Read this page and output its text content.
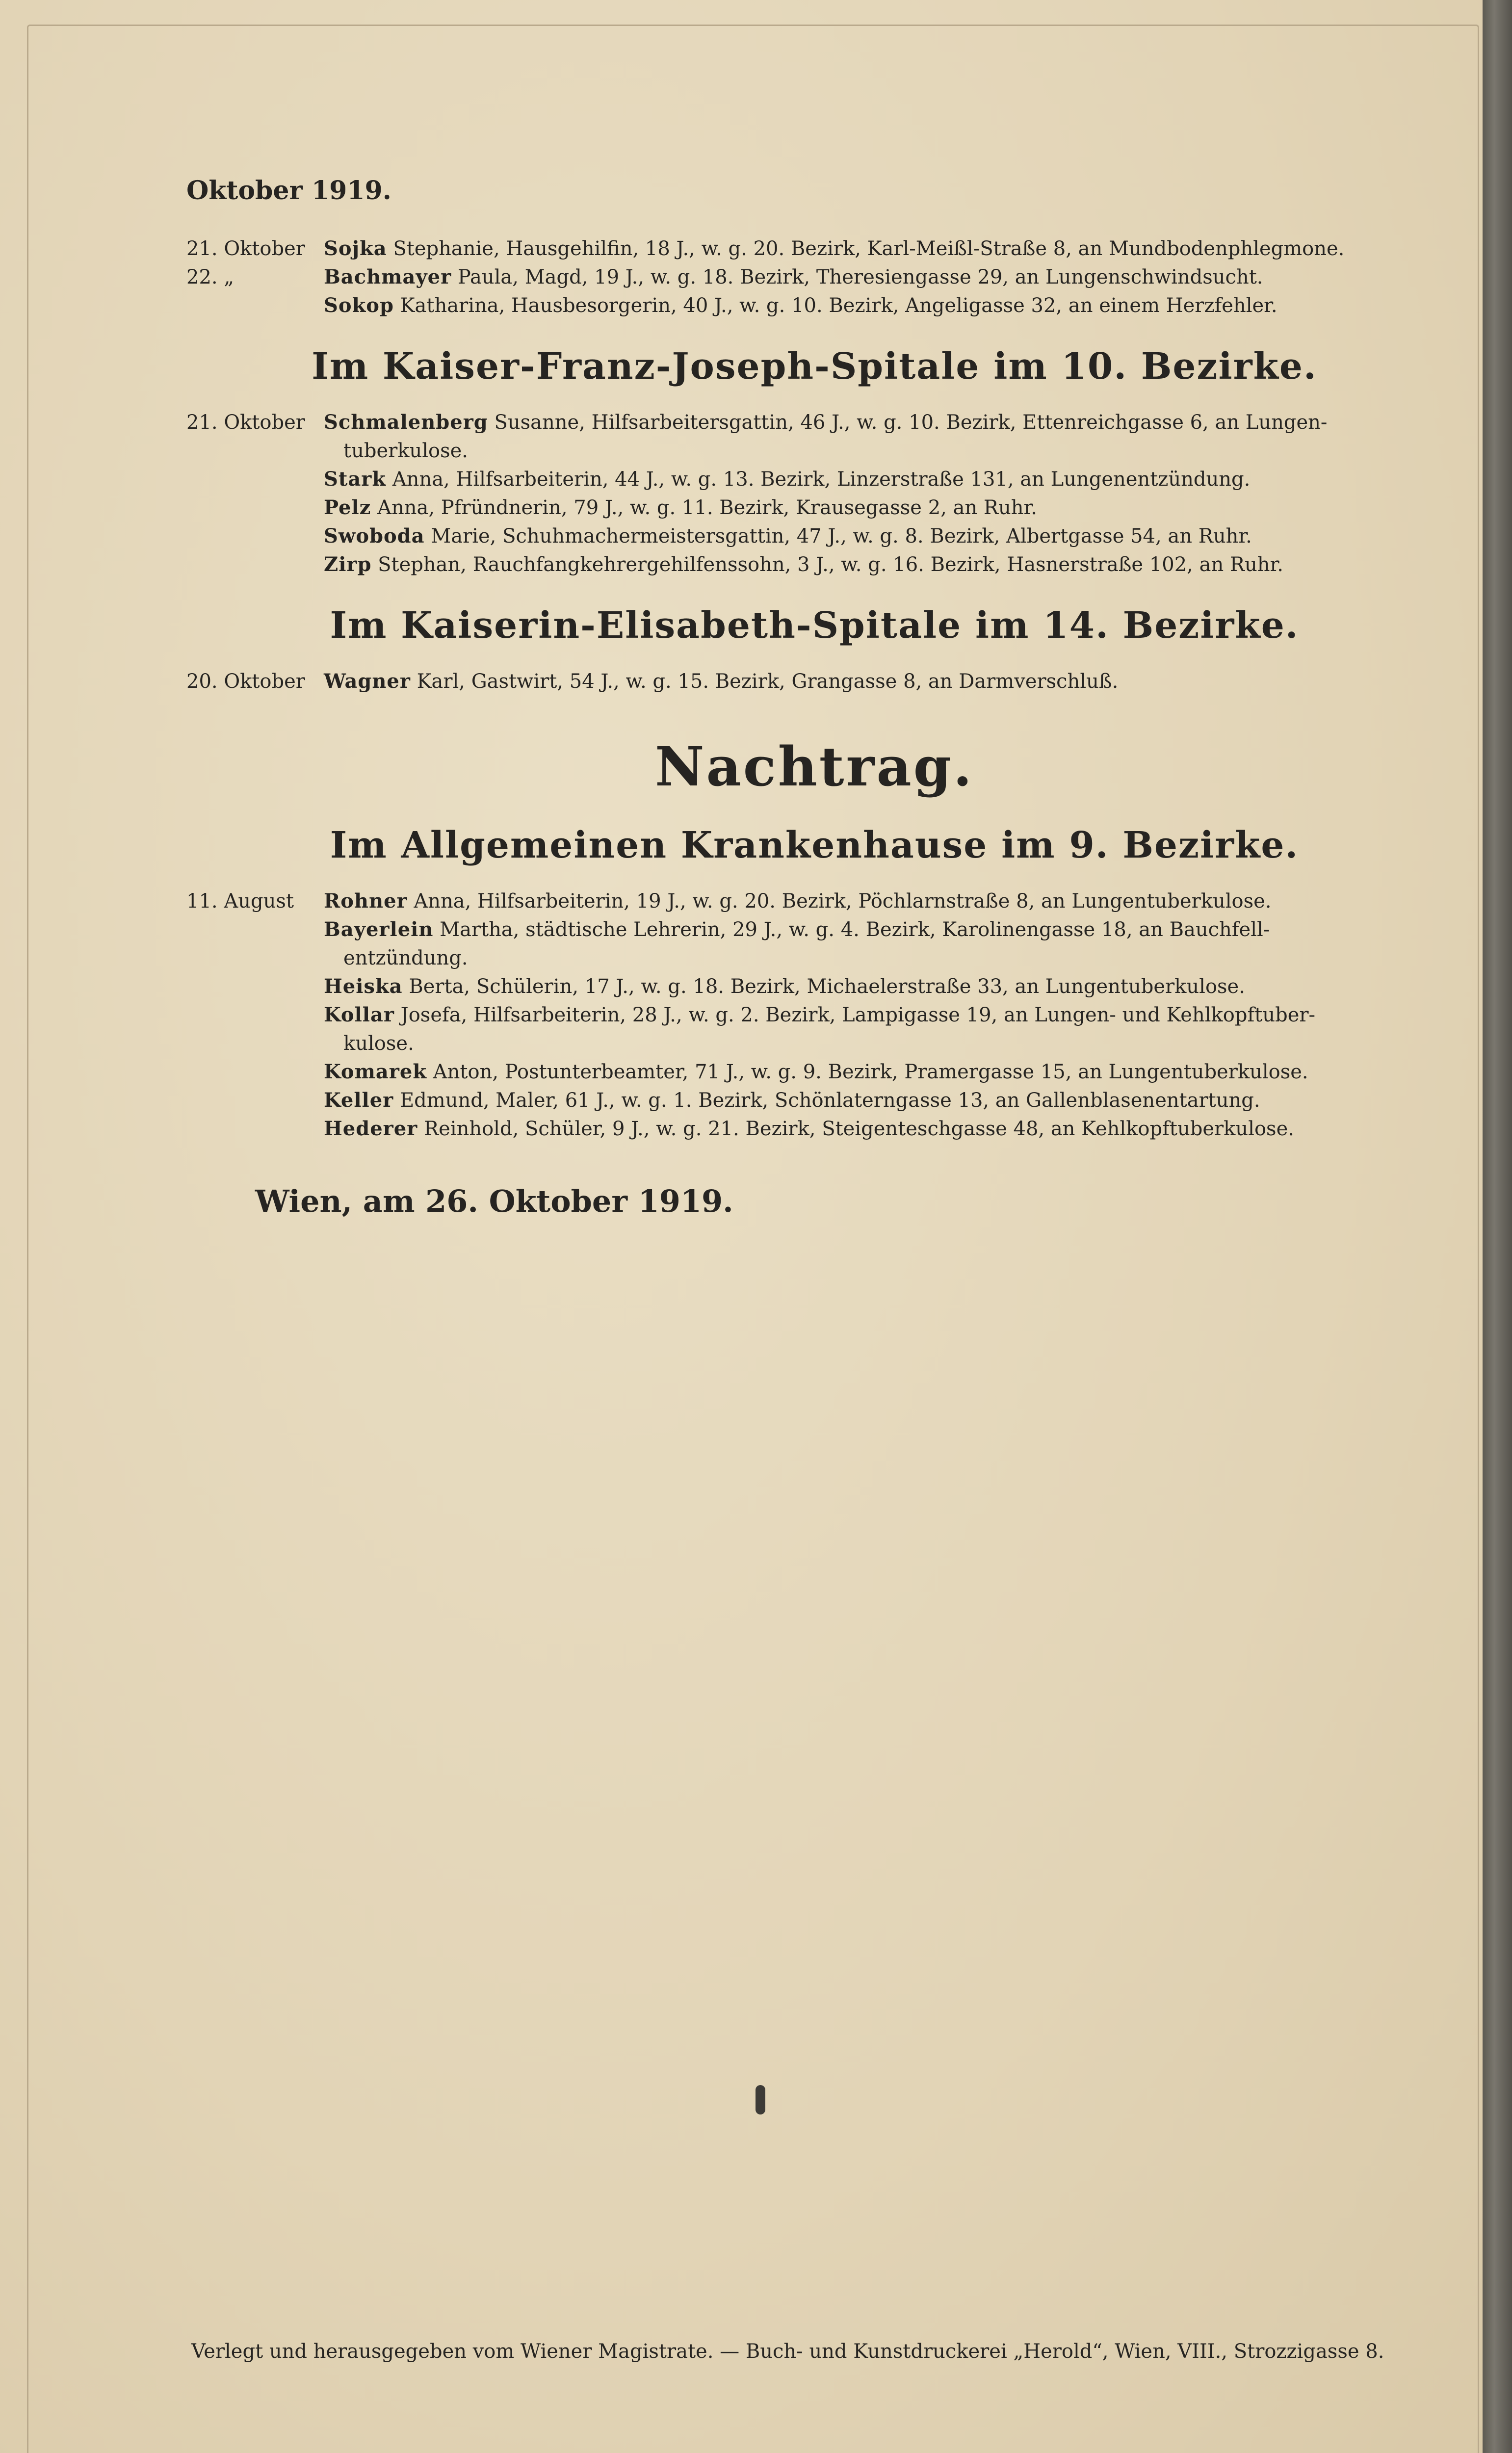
Oktober 1919.
21. Oktober Sojka Stephanie, Hausgehilfin, 18 J., w. g. 20. Bezirk, Karl-Meißl-Straße 8, an Mundbodenphlegmone.
22. „	Bachmayer Paula, Magd, 19 J., w. g. 18. Bezirk, Theresiengasse 29, an Lungenschwindsucht.
Sokop Katharina, Hausbesorgerin, 40 J., w. g. 10. Bezirk, Angeligasse 32, an einem Herzfehler.
Im Kaiser-Franz-Joseph-Spitale im 10. Bezirke.
21. Oktober Schmalenberg Susanne, Hilfsarbeitersgattin, 46 J., w. g. 10. Bezirk, Ettenreichgasse 6, an Lungen-
tuberkulose.
Stark Anna, Hilfsarbeiterin, 44 J., w. g. 13. Bezirk, Linzerstraße 131, an Lungenentzündung.
Pelz Anna, Pfründnerin, 79 J., w. g. 11. Bezirk, Krausegasse 2, an Ruhr.
Swoboda Marie, Schuhmachermeistersgattin, 47 J., w. g. 8. Bezirk, Albertgasse 54, an Ruhr.
Zirp Stephan, Rauchfangkehrergehilfenssohn, 3 J., w. g. 16. Bezirk, Hasnerstraße 102, an Ruhr.
Im Kaiserin-Elisabeth-Spitale im 14. Bezirke.
20. Oktober Wagner Karl, Gastwirt, 54 J., w. g. 15. Bezirk, Grangasse 8, an Darmverschluß.
Nachtrag.
Im Allgemeinen Krankenhause im 9. Bezirke.
11. August	Rohner Anna, Hilfsarbeiterin, 19 J., w. g. 20. Bezirk, Pöchlarnstraße 8, an Lungentuberkulose.
Bayerlein Martha, städtische Lehrerin, 29 J., w. g. 4. Bezirk, Karolinengasse 18, an Bauchfell-
entzündung.
Heiska Berta, Schülerin, 17 J., w. g. 18. Bezirk, Michaelerstraße 33, an Lungentuberkulose.
Kollar Josefa, Hilfsarbeiterin, 28 J., w. g. 2. Bezirk, Lampigasse 19, an Lungen- und Kehlkopftuber-
kulose.
Komarek Anton, Postunterbeamter, 71 J., w. g. 9. Bezirk, Pramergasse 15, an Lungentuberkulose.
Keller Edmund, Maler, 61 J., w. g. 1. Bezirk, Schönlaterngasse 13, an Gallenblasenentartung.
Hederer Reinhold, Schüler, 9 J., w. g. 21. Bezirk, Steigenteschgasse 48, an Kehlkopftuberkulose.
Wien, am 26. Oktober 1919.
Verlegt und herausgegeben vom Wiener Magistrate. — Buch- und Kunstdruckerei „Herold“, Wien, VIII., Strozzigasse 8.
